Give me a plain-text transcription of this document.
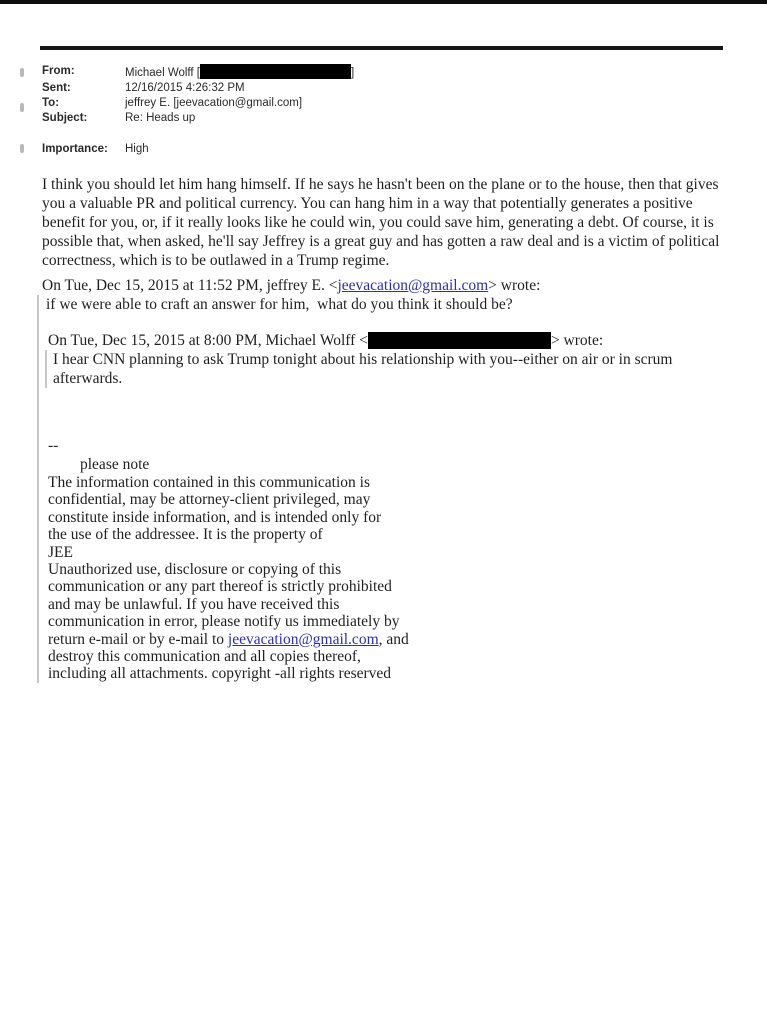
From:	Michael Wolff [	]
Sent:	12/16/2015 4:26:32 PM
To:	jeffrey E. [jeevacation@gmail.com]
Subject:	Re: Heads up
Importance:	High
I think you should let him hang himself. If he says he hasn't been on the plane or to the house, then that gives
you a valuable PR and political currency. You can hang him in a way that potentially generates a positive
benefit for you, or, if it really looks like he could win, you could save him, generating a debt. Of course, it is
possible that, when asked, he'll say Jeffrey is a great guy and has gotten a raw deal and is a victim of political
correctness, which is to be outlawed in a Trump regime.
On Tue, Dec 15, 2015 at 11:52 PM, jeffrey E. <jeevacation@gmail.com> wrote:
if we were able to craft an answer for him,  what do you think it should be?
On Tue, Dec 15, 2015 at 8:00 PM, Michael Wolff <	> wrote:
I hear CNN planning to ask Trump tonight about his relationship with you--either on air or in scrum
afterwards.
--
please note
The information contained in this communication is
confidential, may be attorney-client privileged, may
constitute inside information, and is intended only for
the use of the addressee. It is the property of
JEE
Unauthorized use, disclosure or copying of this
communication or any part thereof is strictly prohibited
and may be unlawful. If you have received this
communication in error, please notify us immediately by
return e-mail or by e-mail to jeevacation@gmail.com, and
destroy this communication and all copies thereof,
including all attachments. copyright -all rights reserved
